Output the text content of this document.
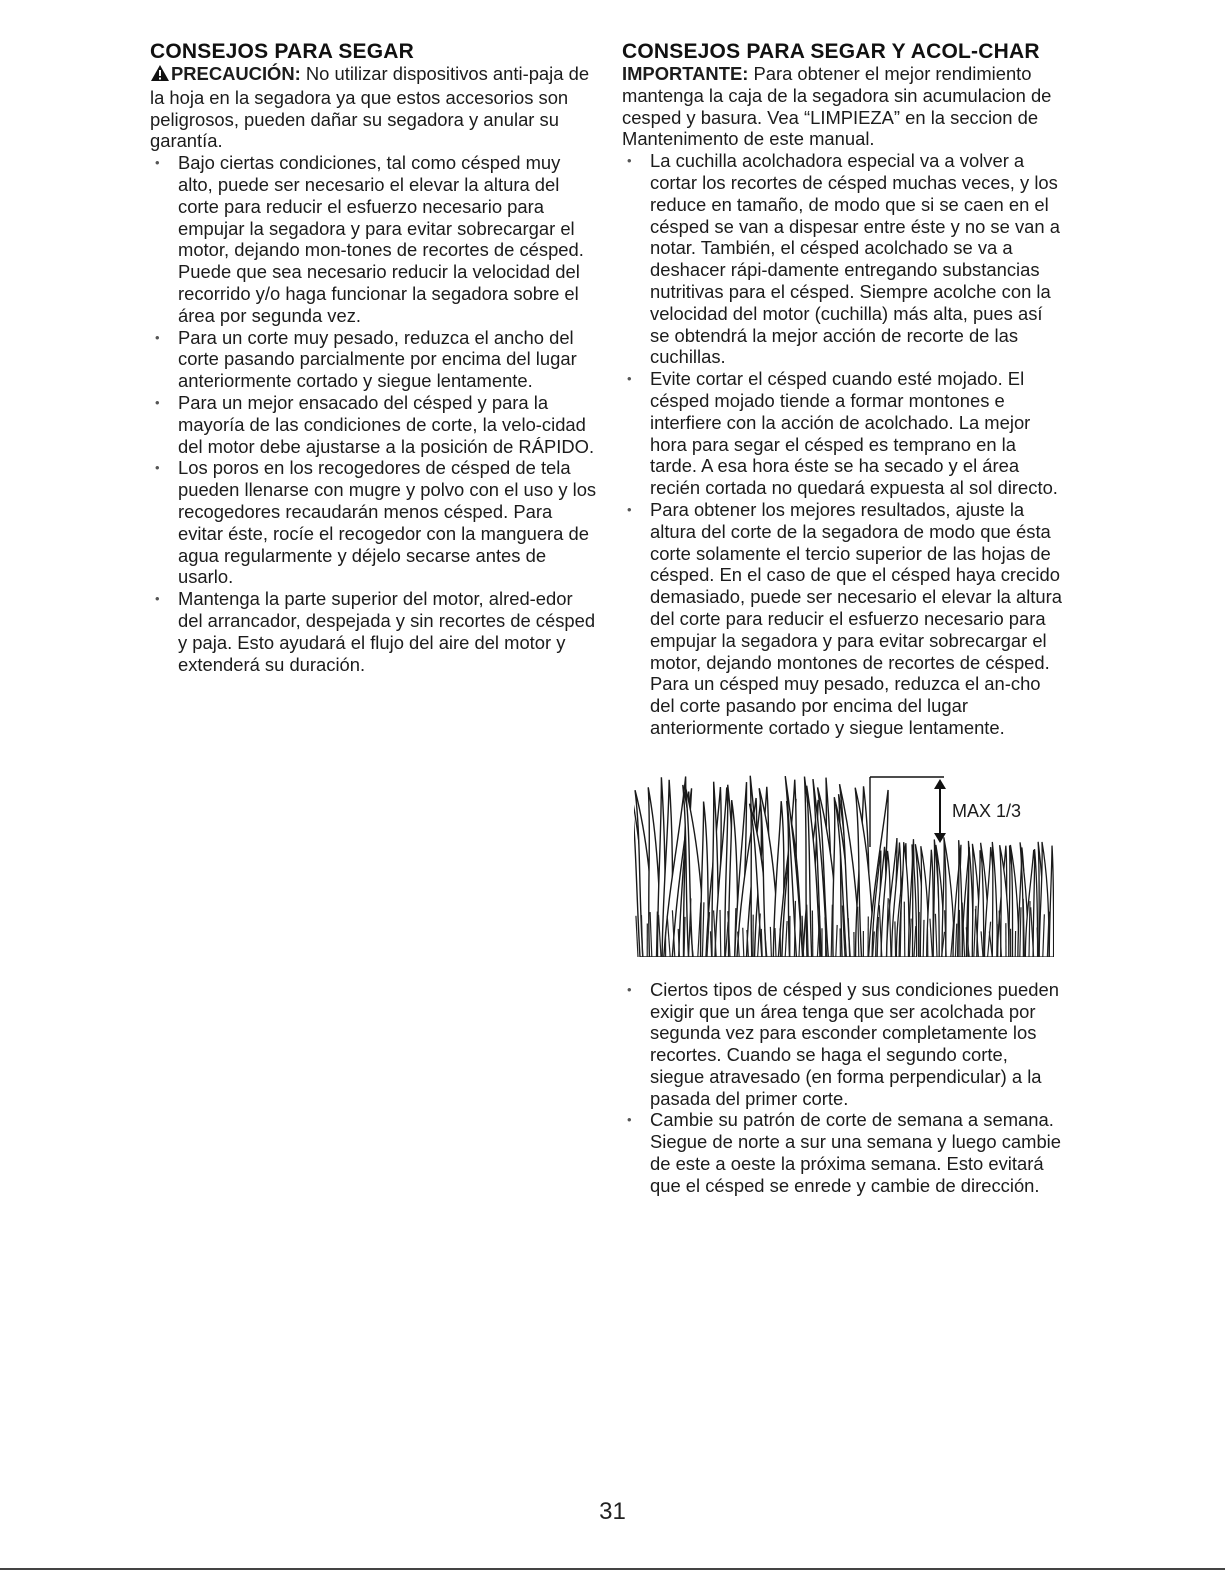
CONSEJOS PARA SEGAR

PRECAUCIÓN: No utilizar dispositivos anti-paja de la hoja en la segadora ya que estos accesorios son peligrosos, pueden dañar su segadora y anular su garantía.

• Bajo ciertas condiciones, tal como césped muy alto, puede ser necesario el elevar la altura del corte para reducir el esfuerzo necesario para empujar la segadora y para evitar sobrecargar el motor, dejando mon-tones de recortes de césped. Puede que sea necesario reducir la velocidad del recorrido y/o haga funcionar la segadora sobre el área por segunda vez.
• Para un corte muy pesado, reduzca el ancho del corte pasando parcialmente por encima del lugar anteriormente cortado y siegue lentamente.
• Para un mejor ensacado del césped y para la mayoría de las condiciones de corte, la velo-cidad del motor debe ajustarse a la posición de RÁPIDO.
• Los poros en los recogedores de césped de tela pueden llenarse con mugre y polvo con el uso y los recogedores recaudarán menos césped. Para evitar éste, rocíe el recogedor con la manguera de agua regularmente y déjelo secarse antes de usarlo.
• Mantenga la parte superior del motor, alred-edor del arrancador, despejada y sin recortes de césped y paja. Esto ayudará el flujo del aire del motor y extenderá su duración.
CONSEJOS PARA SEGAR Y ACOL-CHAR

IMPORTANTE: Para obtener el mejor rendimiento mantenga la caja de la segadora sin acumulacion de cesped y basura. Vea “LIMPIEZA” en la seccion de Mantenimento de este manual.

• La cuchilla acolchadora especial va a volver a cortar los recortes de césped muchas veces, y los reduce en tamaño, de modo que si se caen en el césped se van a dispesar entre éste y no se van a notar. También, el césped acolchado se va a deshacer rápi-damente entregando substancias nutritivas para el césped. Siempre acolche con la velocidad del motor (cuchilla) más alta, pues así se obtendrá la mejor acción de recorte de las cuchillas.
• Evite cortar el césped cuando esté mojado. El césped mojado tiende a formar montones e interfiere con la acción de acolchado. La mejor hora para segar el césped es temprano en la tarde. A esa hora éste se ha secado y el área recién cortada no quedará expuesta al sol directo.
• Para obtener los mejores resultados, ajuste la altura del corte de la segadora de modo que ésta corte solamente el tercio superior de las hojas de césped. En el caso de que el césped haya crecido demasiado, puede ser necesario el elevar la altura del corte para reducir el esfuerzo necesario para empujar la segadora y para evitar sobrecargar el motor, dejando montones de recortes de césped. Para un césped muy pesado, reduzca el an-cho del corte pasando por encima del lugar anteriormente cortado y siegue lentamente.
MAX 1/3
• Ciertos tipos de césped y sus condiciones pueden exigir que un área tenga que ser acolchada por segunda vez para esconder completamente los recortes. Cuando se haga el segundo corte, siegue atravesado (en forma perpendicular) a la pasada del primer corte.
• Cambie su patrón de corte de semana a semana. Siegue de norte a sur una semana y luego cambie de este a oeste la próxima semana. Esto evitará que el césped se enrede y cambie de dirección.
31
